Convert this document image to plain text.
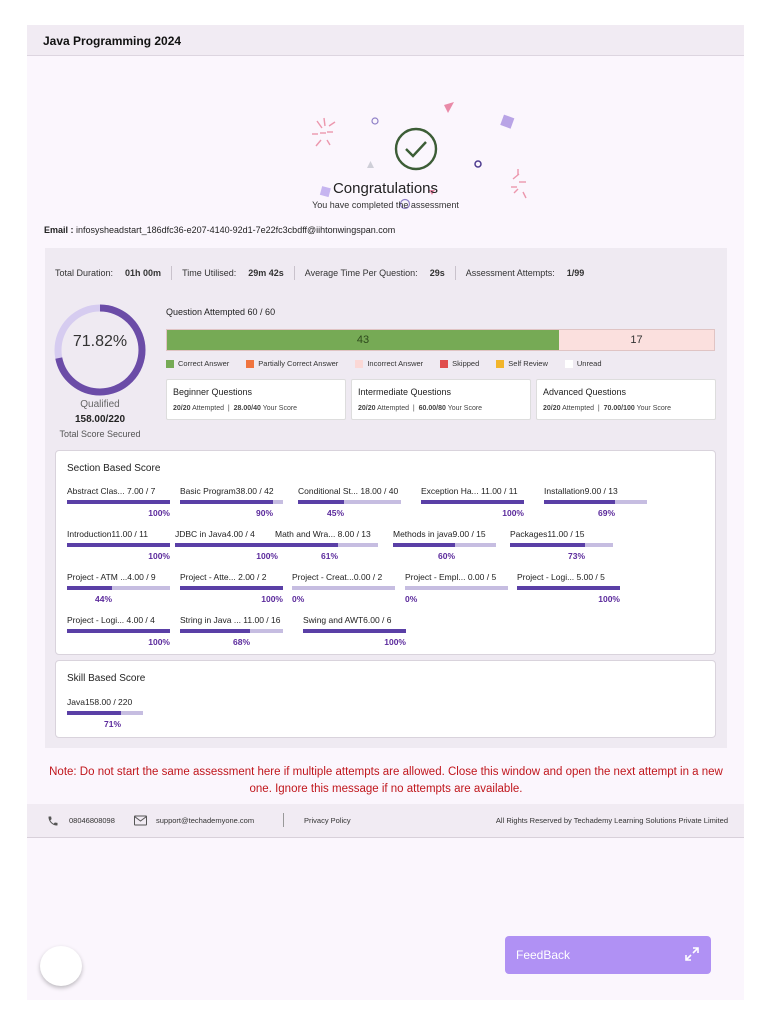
Java Programming 2024
Congratulations
You have completed the assessment
Email : infosysheadstart_186dfc36-e207-4140-92d1-7e22fc3cbdff@iihtonwingspan.com
Total Duration: 01h 00m Time Utilised: 29m 42s Average Time Per Question: 29s Assessment Attempts: 1/99
71.82%
Qualified
158.00/220
Total Score Secured
Question Attempted 60 / 60
43	17
Correct Answer	Partially Correct Answer	Incorrect Answer	Skipped	Self Review	Unread
Beginner Questions
20/20 Attempted  |  28.00/40 Your Score
Intermediate Questions
20/20 Attempted  |  60.00/80 Your Score
Advanced Questions
20/20 Attempted  |  70.00/100 Your Score
Section Based Score
Abstract Clas... 7.00 / 7
100%
Basic Program38.00 / 42
90%
Conditional St... 18.00 / 40
45%
Exception Ha... 11.00 / 11
100%
Installation9.00 / 13
69%
Introduction11.00 / 11
100%
JDBC in Java4.00 / 4
100%
Math and Wra... 8.00 / 13
61%
Methods in java9.00 / 15
60%
Packages11.00 / 15
73%
Project - ATM ...4.00 / 9
44%
Project - Atte... 2.00 / 2
100%
Project - Creat...0.00 / 2
0%
Project - Empl... 0.00 / 5
0%
Project - Logi... 5.00 / 5
100%
Project - Logi... 4.00 / 4
100%
String in Java ... 11.00 / 16
68%
Swing and AWT6.00 / 6
100%
Skill Based Score
Java158.00 / 220
71%
Note: Do not start the same assessment here if multiple attempts are allowed. Close this window and open the next attempt in a new one. Ignore this message if no attempts are available.
08046808098	support@techademyone.com	Privacy Policy	All Rights Reserved by Techademy Learning Solutions Private Limited
FeedBack
